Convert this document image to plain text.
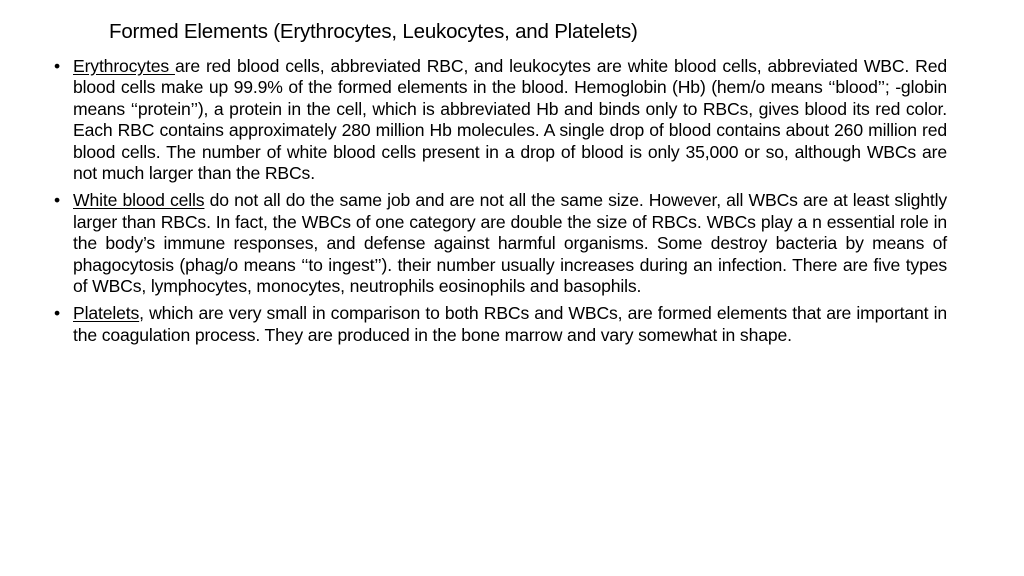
Formed Elements (Erythrocytes, Leukocytes, and Platelets)
• Erythrocytes are red blood cells, abbreviated RBC, and leukocytes are white blood cells, abbreviated WBC. Red blood cells make up 99.9% of the formed elements in the blood. Hemoglobin (Hb) (hem/o means ‘‘blood’’; -globin means ‘‘protein’’), a protein in the cell, which is abbreviated Hb and binds only to RBCs, gives blood its red color. Each RBC contains approximately 280 million Hb molecules. A single drop of blood contains about 260 million red blood cells. The number of white blood cells present in a drop of blood is only 35,000 or so, although WBCs are not much larger than the RBCs.
• White blood cells do not all do the same job and are not all the same size. However, all WBCs are at least slightly larger than RBCs. In fact, the WBCs of one category are double the size of RBCs. WBCs play a n essential role in the body’s immune responses, and defense against harmful organisms. Some destroy bacteria by means of phagocytosis (phag/o means ‘‘to ingest’’). their number usually increases during an infection. There are five types of WBCs, lymphocytes, monocytes, neutrophils eosinophils and basophils.
• Platelets, which are very small in comparison to both RBCs and WBCs, are formed elements that are important in the coagulation process. They are produced in the bone marrow and vary somewhat in shape.
